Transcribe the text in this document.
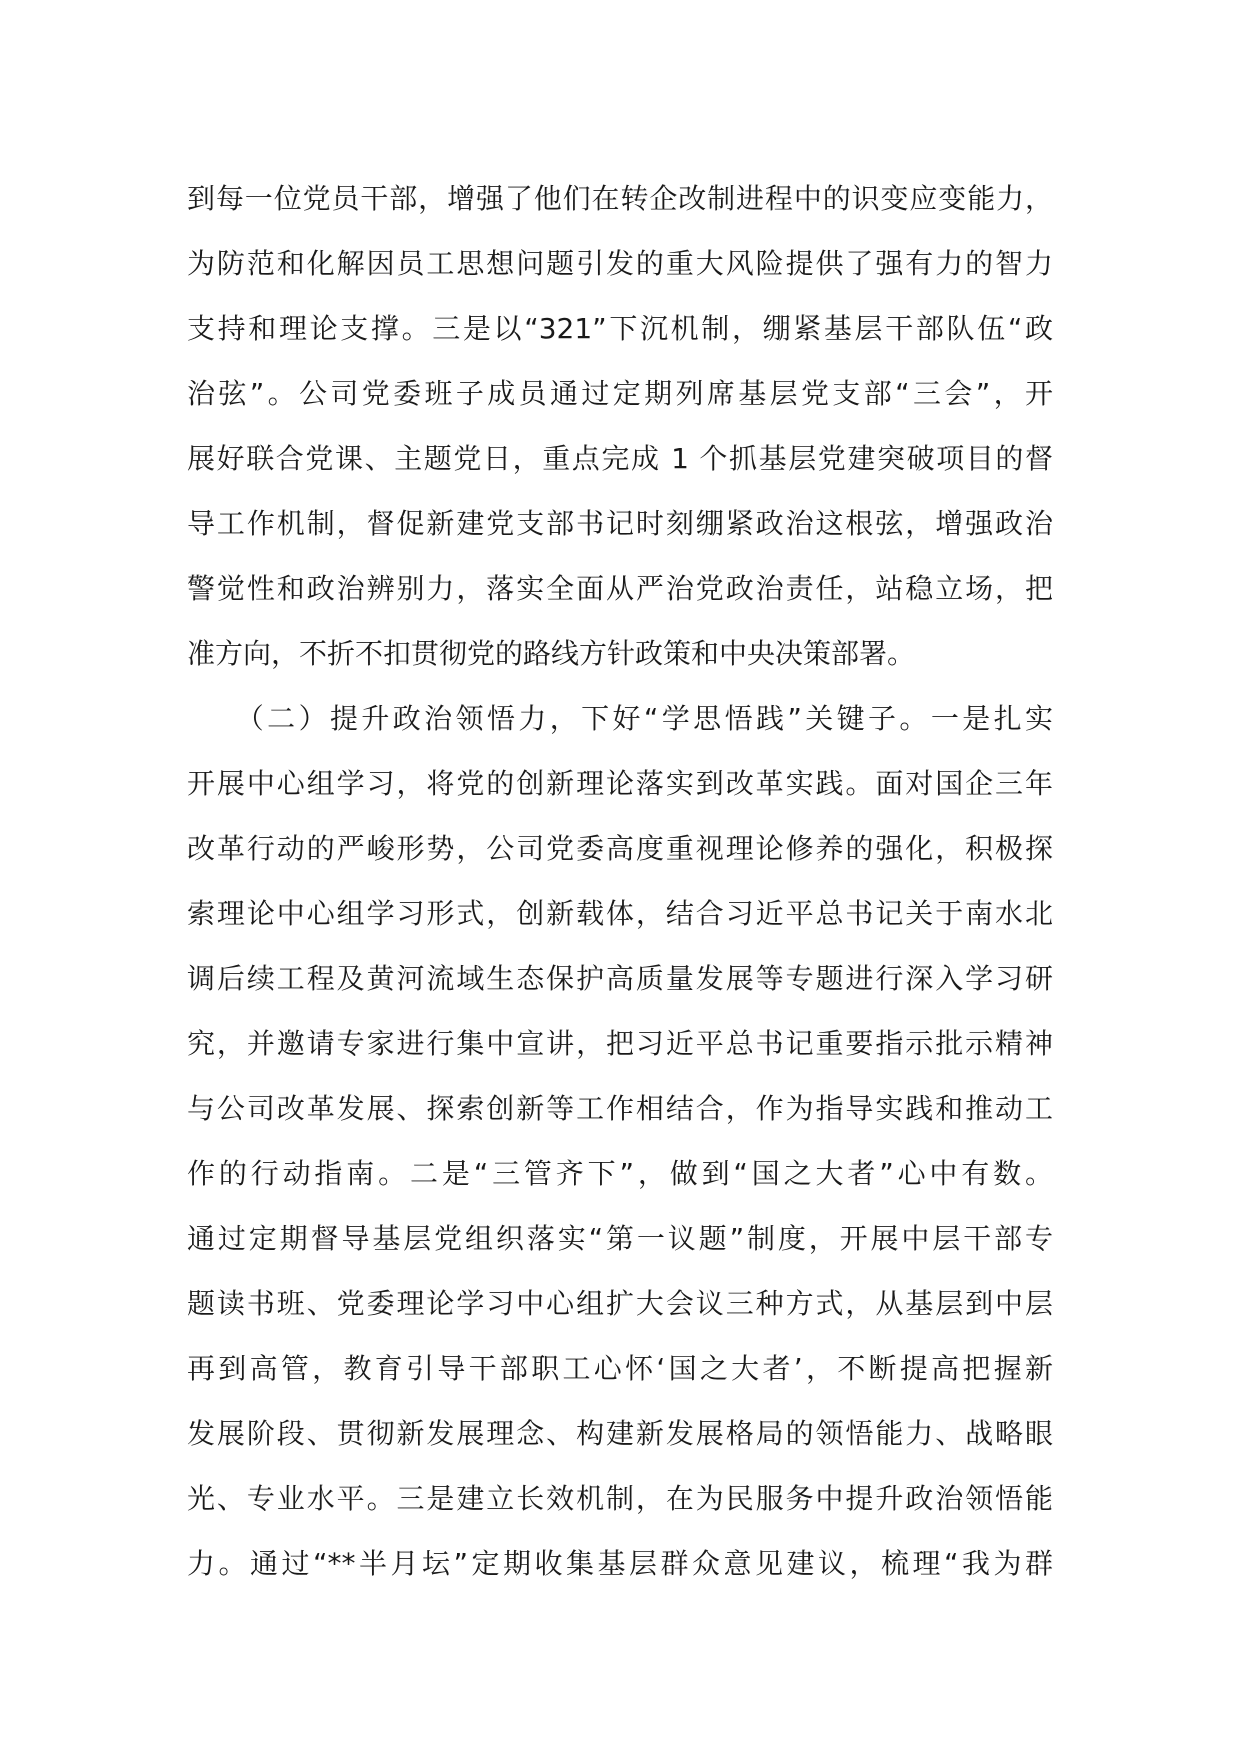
到每一位党员干部，增强了他们在转企改制进程中的识变应变能力，
为防范和化解因员工思想问题引发的重大风险提供了强有力的智力
支持和理论支撑。三是以“321”下沉机制，绷紧基层干部队伍“政
治弦”。公司党委班子成员通过定期列席基层党支部“三会”，开
展好联合党课、主题党日，重点完成 1 个抓基层党建突破项目的督
导工作机制，督促新建党支部书记时刻绷紧政治这根弦，增强政治
警觉性和政治辨别力，落实全面从严治党政治责任，站稳立场，把
准方向，不折不扣贯彻党的路线方针政策和中央决策部署。
　　（二）提升政治领悟力，下好“学思悟践”关键子。一是扎实
开展中心组学习，将党的创新理论落实到改革实践。面对国企三年
改革行动的严峻形势，公司党委高度重视理论修养的强化，积极探
索理论中心组学习形式，创新载体，结合习近平总书记关于南水北
调后续工程及黄河流域生态保护高质量发展等专题进行深入学习研
究，并邀请专家进行集中宣讲，把习近平总书记重要指示批示精神
与公司改革发展、探索创新等工作相结合，作为指导实践和推动工
作的行动指南。二是“三管齐下”，做到“国之大者”心中有数。
通过定期督导基层党组织落实“第一议题”制度，开展中层干部专
题读书班、党委理论学习中心组扩大会议三种方式，从基层到中层
再到高管，教育引导干部职工心怀‘国之大者’，不断提高把握新
发展阶段、贯彻新发展理念、构建新发展格局的领悟能力、战略眼
光、专业水平。三是建立长效机制，在为民服务中提升政治领悟能
力。通过“**半月坛”定期收集基层群众意见建议，梳理“我为群
